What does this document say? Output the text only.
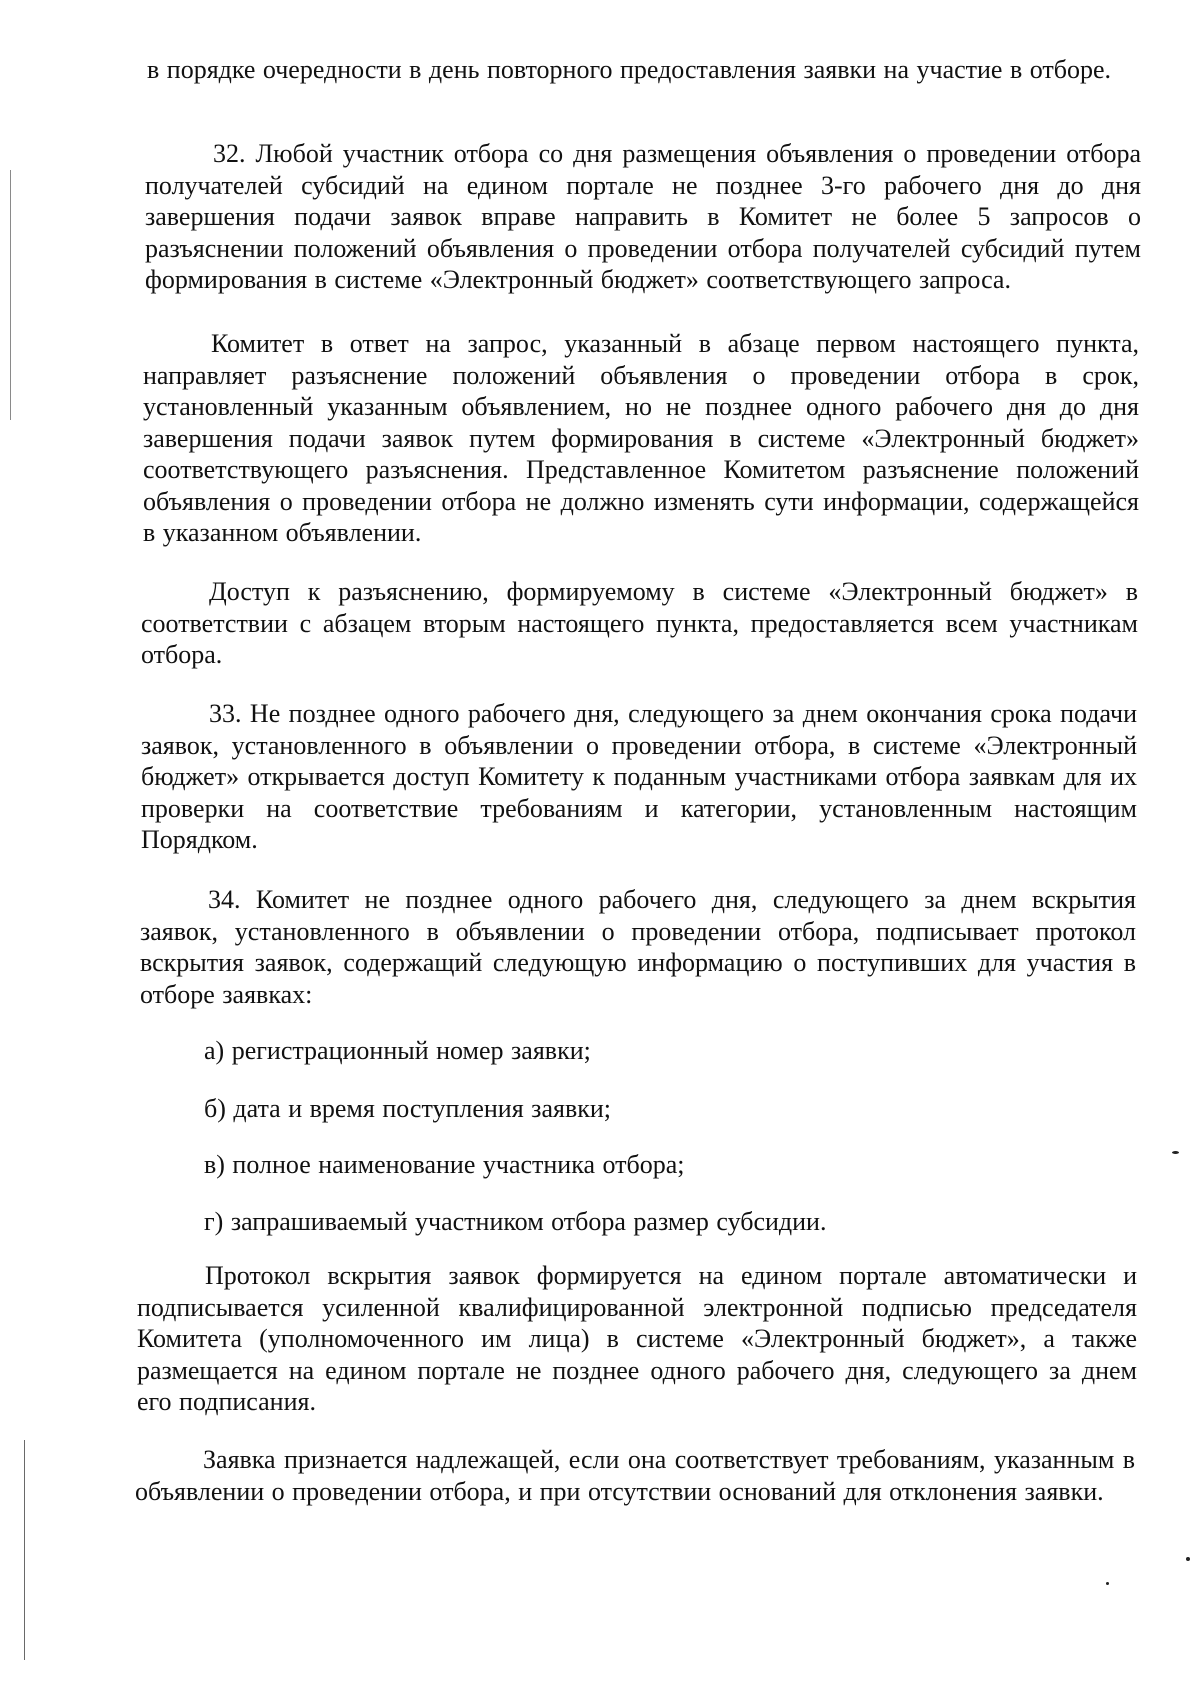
в порядке очередности в день повторного предоставления заявки на участие в отборе.

32. Любой участник отбора со дня размещения объявления о проведении отбора получателей субсидий на едином портале не позднее 3-го рабочего дня до дня завершения подачи заявок вправе направить в Комитет не более 5 запросов о разъяснении положений объявления о проведении отбора получателей субсидий путем формирования в системе «Электронный бюджет» соответствующего запроса.

Комитет в ответ на запрос, указанный в абзаце первом настоящего пункта, направляет разъяснение положений объявления о проведении отбора в срок, установленный указанным объявлением, но не позднее одного рабочего дня до дня завершения подачи заявок путем формирования в системе «Электронный бюджет» соответствующего разъяснения. Представленное Комитетом разъяснение положений объявления о проведении отбора не должно изменять сути информации, содержащейся в указанном объявлении.

Доступ к разъяснению, формируемому в системе «Электронный бюджет» в соответствии с абзацем вторым настоящего пункта, предоставляется всем участникам отбора.

33. Не позднее одного рабочего дня, следующего за днем окончания срока подачи заявок, установленного в объявлении о проведении отбора, в системе «Электронный бюджет» открывается доступ Комитету к поданным участниками отбора заявкам для их проверки на соответствие требованиям и категории, установленным настоящим Порядком.

34. Комитет не позднее одного рабочего дня, следующего за днем вскрытия заявок, установленного в объявлении о проведении отбора, подписывает протокол вскрытия заявок, содержащий следующую информацию о поступивших для участия в отборе заявках:

а) регистрационный номер заявки;

б) дата и время поступления заявки;

в) полное наименование участника отбора;

г) запрашиваемый участником отбора размер субсидии.

Протокол вскрытия заявок формируется на едином портале автоматически и подписывается усиленной квалифицированной электронной подписью председателя Комитета (уполномоченного им лица) в системе «Электронный бюджет», а также размещается на едином портале не позднее одного рабочего дня, следующего за днем его подписания.

Заявка признается надлежащей, если она соответствует требованиям, указанным в объявлении о проведении отбора, и при отсутствии оснований для отклонения заявки.
